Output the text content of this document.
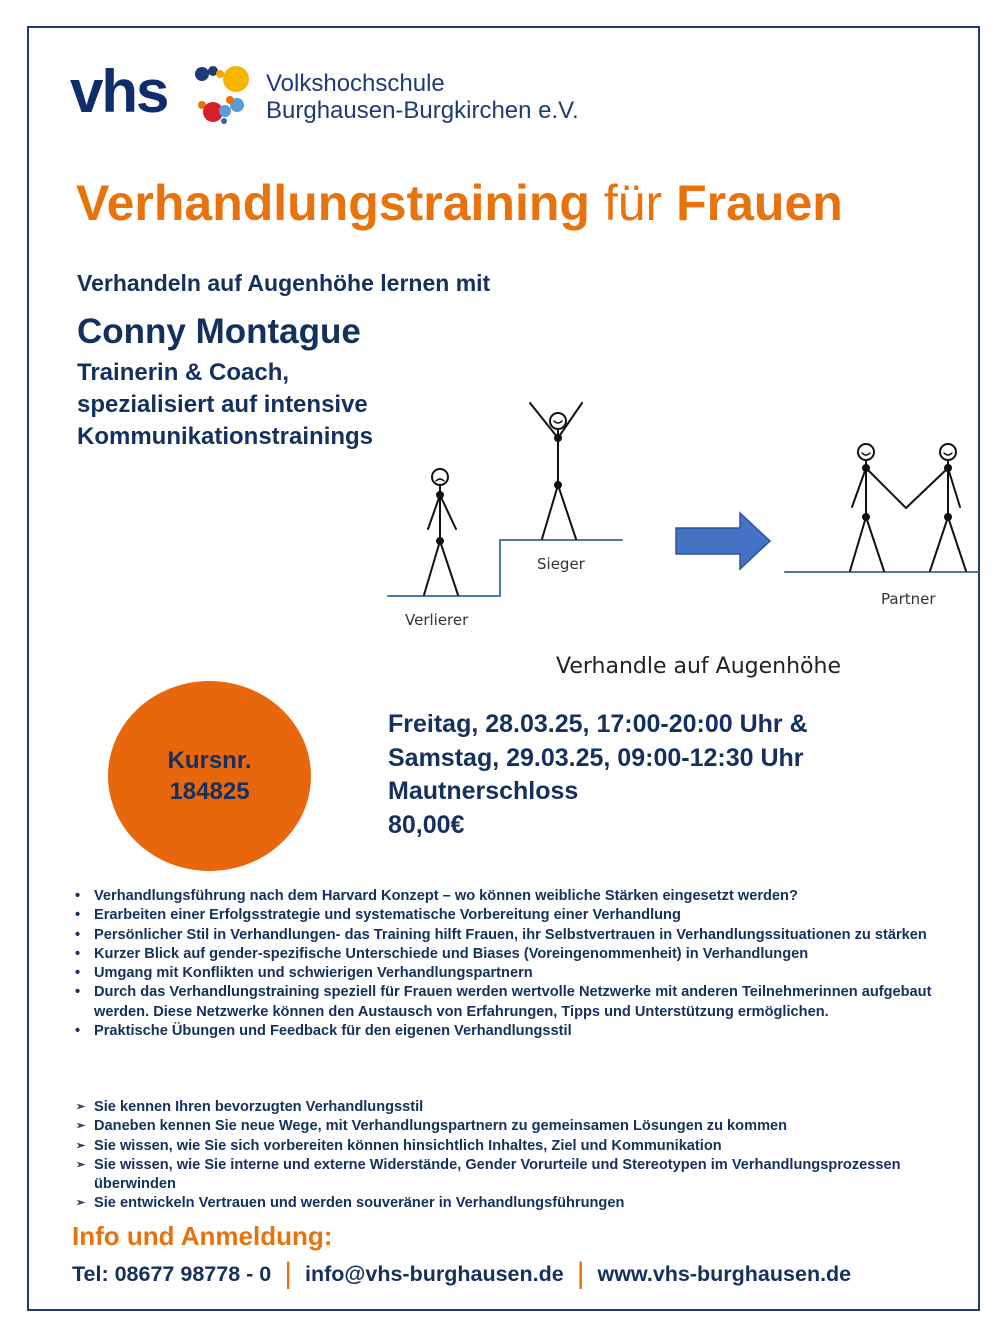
vhs	Volkshochschule
Burghausen-Burgkirchen e.V.
Verhandlungstraining für Frauen
Verhandeln auf Augenhöhe lernen mit
Conny Montague
Trainerin & Coach,
spezialisiert auf intensive
Kommunikationstrainings
Verlierer
Sieger
Partner
Verhandle auf Augenhöhe
Kursnr.
184825
Freitag, 28.03.25, 17:00-20:00 Uhr &
Samstag, 29.03.25, 09:00-12:30 Uhr
Mautnerschloss
80,00€
• Verhandlungsführung nach dem Harvard Konzept – wo können weibliche Stärken eingesetzt werden?
• Erarbeiten einer Erfolgsstrategie und systematische Vorbereitung einer Verhandlung
• Persönlicher Stil in Verhandlungen- das Training hilft Frauen, ihr Selbstvertrauen in Verhandlungssituationen zu stärken
• Kurzer Blick auf gender-spezifische Unterschiede und Biases (Voreingenommenheit) in Verhandlungen
• Umgang mit Konflikten und schwierigen Verhandlungspartnern
• Durch das Verhandlungstraining speziell für Frauen werden wertvolle Netzwerke mit anderen Teilnehmerinnen aufgebaut werden. Diese Netzwerke können den Austausch von Erfahrungen, Tipps und Unterstützung ermöglichen.
• Praktische Übungen und Feedback für den eigenen Verhandlungsstil
➢ Sie kennen Ihren bevorzugten Verhandlungsstil
➢ Daneben kennen Sie neue Wege, mit Verhandlungspartnern zu gemeinsamen Lösungen zu kommen
➢ Sie wissen, wie Sie sich vorbereiten können hinsichtlich Inhaltes, Ziel und Kommunikation
➢ Sie wissen, wie Sie interne und externe Widerstände, Gender Vorurteile und Stereotypen im Verhandlungsprozessen überwinden
➢ Sie entwickeln Vertrauen und werden souveräner in Verhandlungsführungen
Info und Anmeldung:
Tel: 08677 98778 - 0 | info@vhs-burghausen.de | www.vhs-burghausen.de
